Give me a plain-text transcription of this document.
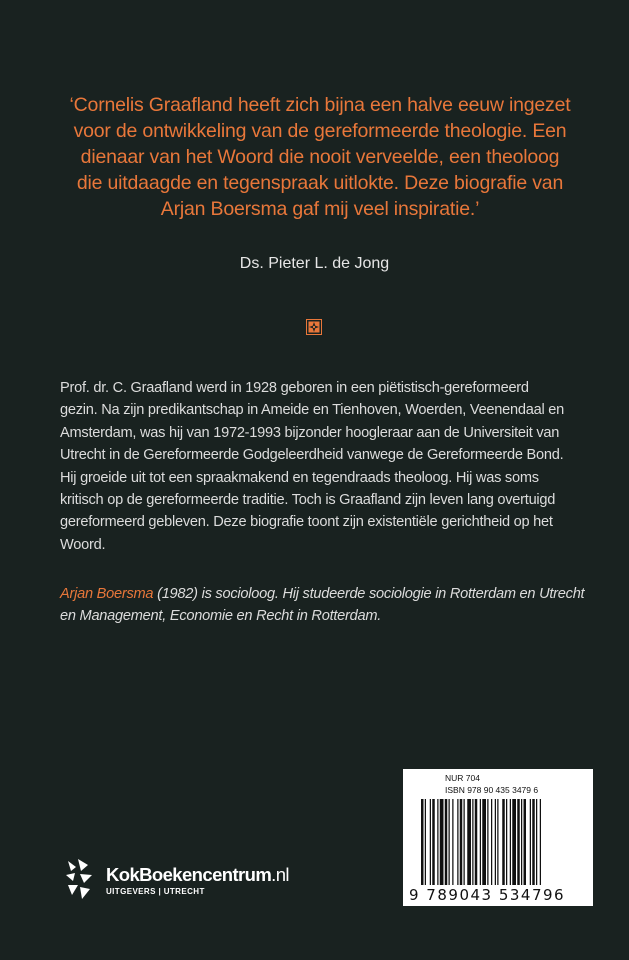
‘Cornelis Graafland heeft zich bijna een halve eeuw ingezet
voor de ontwikkeling van de gereformeerde theologie. Een
dienaar van het Woord die nooit verveelde, een theoloog
die uitdaagde en tegenspraak uitlokte. Deze biografie van
Arjan Boersma gaf mij veel inspiratie.’
Ds. Pieter L. de Jong
Prof. dr. C. Graafland werd in 1928 geboren in een piëtistisch-gereformeerd
gezin. Na zijn predikantschap in Ameide en Tienhoven, Woerden, Veenendaal en
Amsterdam, was hij van 1972-1993 bijzonder hoogleraar aan de Universiteit van
Utrecht in de Gereformeerde Godgeleerdheid vanwege de Gereformeerde Bond.
Hij groeide uit tot een spraakmakend en tegendraads theoloog. Hij was soms
kritisch op de gereformeerde traditie. Toch is Graafland zijn leven lang overtuigd
gereformeerd gebleven. Deze biografie toont zijn existentiële gerichtheid op het
Woord.
Arjan Boersma (1982) is socioloog. Hij studeerde sociologie in Rotterdam en Utrecht
en Management, Economie en Recht in Rotterdam.
NUR 704
ISBN 978 90 435 3479 6
9 789043 534796
KokBoekencentrum.nl
UITGEVERS | UTRECHT
